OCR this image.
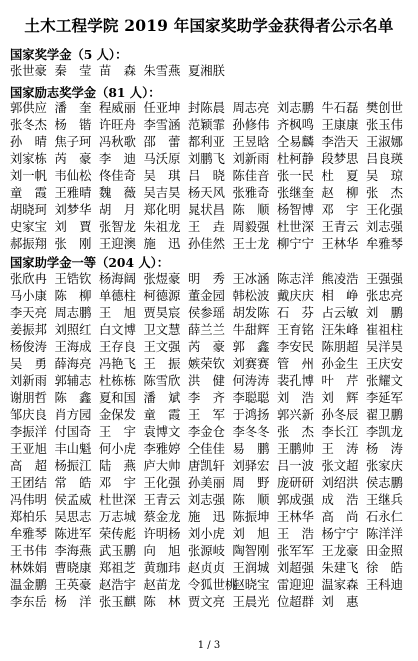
土木工程学院 2019 年国家奖助学金获得者公示名单
国家奖学金（5 人）：
张世豪 秦　莹 苗　森 朱雪燕 夏湘朕
国家励志奖学金（81 人）：
郭供应 潘　奎 程威丽 任亚坤 封陈晨 周志亮 刘志鹏 牛石磊 樊创世
张冬杰 杨　锴 许旺舟 李雪涵 范颖霏 孙修伟 齐枫鸣 王康康 张玉伟
孙　晴 焦子珂 冯秋歌 邵　蕾 都利亚 王昱晗 仝易麟 李浩天 王淑娜
刘家栋 芮　豪 李　迪 马沃原 刘鹏飞 刘新雨 杜柯静 段梦思 吕良瑛
刘一帆 韦仙松 佟佳奇 吴　琪 吕　晓 陈佳音 张一民 杜　夏 吴　琼
童　霞 王雅晴 魏　薇 吴吉昊 杨天风 张雅奇 张继奎 赵　柳 张　杰
胡晓珂 刘梦华 胡　月 郑化明 晁状昌 陈　顺 杨智博 邓　宇 王化强
史家宝 刘　賈 张智龙 朱祖龙 王　垚 周毅强 杜世深 王青云 刘志强
郝振翔 张　刚 王迎澳 施　迅 孙佳然 王士龙 柳宁宁 王林华 牟雅琴
国家助学金一等（204 人）：
张欣冉 王锆钦 杨海阔 张煜豪 明　秀 王冰涵 陈志洋 熊凌浩 王强强
马小康 陈　柳 单德柱 柯德源 董金园 韩松波 戴庆庆 相　峥 张忠亮
李天亮 周志鹏 王　旭 贾昊宸 侯参瑶 胡发陈 石　芬 占云敏 刘　鹏
姜振邦 刘照红 白文博 卫文慧 薛兰兰 牛甜辉 王育铭 汪朱峰 崔祖柱
杨俊涛 王海成 王存良 王文强 芮　豪 郭　鑫 李安民 陈朋超 吴洋昊
吴　勇 薛海亮 冯艳飞 王　振 嫉荣钦 刘赛赛 管　州 孙金生 王庆安
刘新雨 郭辅志 杜栋栋 陈雪欣 洪　健 何涛涛 裴孔博 叶　芹 张耀文
谢朋哲 陈　鑫 夏和国 潘　斌 李　齐 李聪聪 刘　浩 刘　辉 李延军
邹庆良 肖方园 金保发 童　霞 王　军 于鸿扬 郭兴新 孙冬辰 翟卫鹏
李振洋 付国奇 王　宇 袁博文 李金仓 李冬冬 张　杰 李长江 李凯龙
王亚旭 丰山魁 何小虎 李雅婷 仝佳佳 易　鹏 王鹏帅 王　涛 杨　涛
高　超 杨振江 陆　燕 庐大帅 唐凯轩 刘驿宏 吕一波 张文超 张家庆
王团结 常　皓 邓　宇 王化强 孙美丽 周　野 庞研研 刘绍洪 侯志鹏
冯伟明 侯孟威 杜世深 王青云 刘志强 陈　顺 郭成强 成　浩 王继兵
郑柏乐 吴思志 万志城 蔡金龙 施　迅 陈振坤 王林华 高　尚 石永仁
牟雅琴 陈进军 荣传彪 许明杨 刘小虎 刘　旭 王　浩 杨宁宁 陈洋洋
王书伟 李海燕 武玉鹏 向　旭 张源岐 陶智刚 张军军 王龙豪 田金照
林姝娟 曹晓康 郑祖芝 黄珈玮 赵贞贞 王润城 刘超强 朱建飞 徐　皓
温金鹏 王英豪 赵浩宇 赵苗龙 令狐世桃
赵晓宝 雷迎迎 温家森 王科迪
李东岳 杨　洋 张玉麒 陈　林 贾文亮 王晨光 位超群 刘　惠
1 / 3
